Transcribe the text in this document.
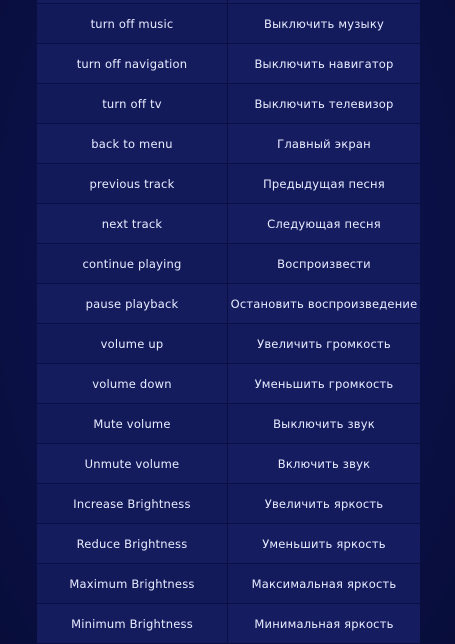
turn off music	Выключить музыку
turn off navigation	Выключить навигатор
turn off tv	Выключить телевизор
back to menu	Главный экран
previous track	Предыдущая песня
next track	Следующая песня
continue playing	Воспроизвести
pause playback	Остановить воспроизведение
volume up	Увеличить громкость
volume down	Уменьшить громкость
Mute volume	Выключить звук
Unmute volume	Включить звук
Increase Brightness	Увеличить яркость
Reduce Brightness	Уменьшить яркость
Maximum Brightness	Максимальная яркость
Minimum Brightness	Минимальная яркость
